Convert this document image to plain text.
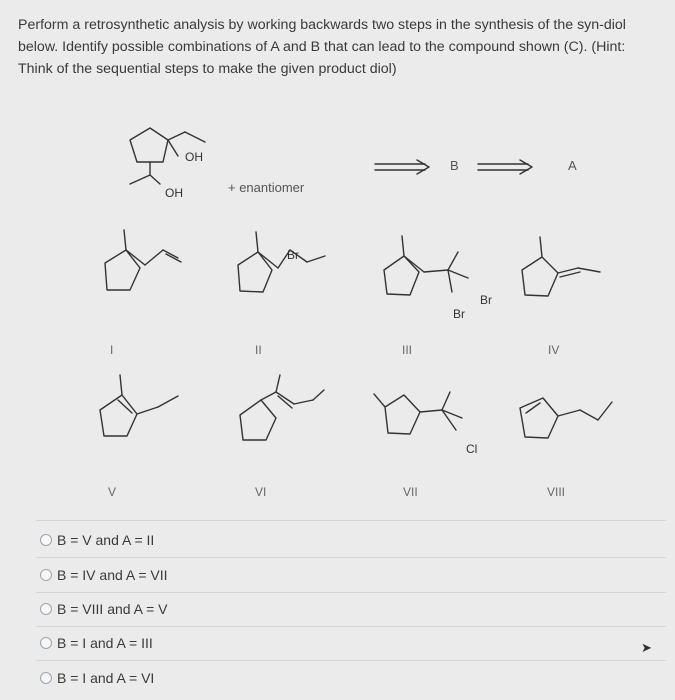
Perform a retrosynthetic analysis by working backwards two steps in the synthesis of the syn-diol
below. Identify possible combinations of A and B that can lead to the compound shown (C). (Hint:
Think of the sequential steps to make the given product diol)
OH
OH	+ enantiomer
B	A
Br
Br
Br
Cl
I	II	III	IV
V	VI	VII	VIII
B = V and A = II
B = IV and A = VII
B = VIII and A = V
B = I and A = III
B = I and A = VI
➤
